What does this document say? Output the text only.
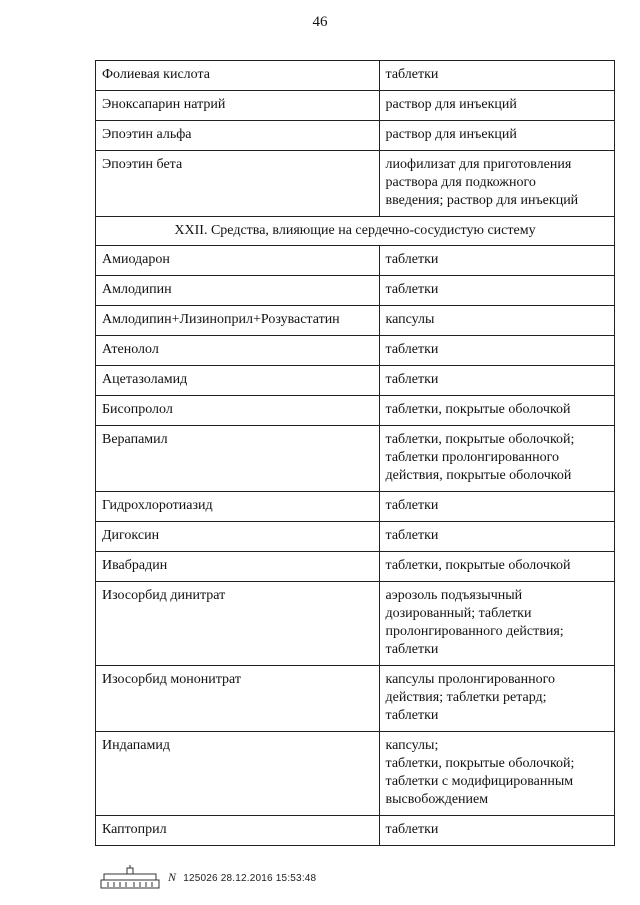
46
Фолиевая кислота	таблетки

Эноксапарин натрий	раствор для инъекций

Эпоэтин альфа	раствор для инъекций

Эпоэтин бета	лиофилизат для приготовления
раствора для подкожного
введения; раствор для инъекций

XXII. Средства, влияющие на сердечно-сосудистую систему	
Амиодарон	таблетки

Амлодипин	таблетки

Амлодипин+Лизиноприл+Розувастатин	капсулы

Атенолол	таблетки

Ацетазоламид	таблетки

Бисопролол	таблетки, покрытые оболочкой

Верапамил	таблетки, покрытые оболочкой;
таблетки пролонгированного
действия, покрытые оболочкой

Гидрохлоротиазид	таблетки

Дигоксин	таблетки

Ивабрадин	таблетки, покрытые оболочкой

Изосорбид динитрат	аэрозоль подъязычный
дозированный; таблетки
пролонгированного действия;
таблетки

Изосорбид мононитрат	капсулы пролонгированного
действия; таблетки ретард;
таблетки

Индапамид	капсулы;
таблетки, покрытые оболочкой;
таблетки с модифицированным
высвобождением

Каптоприл	таблетки
N 125026 28.12.2016 15:53:48
